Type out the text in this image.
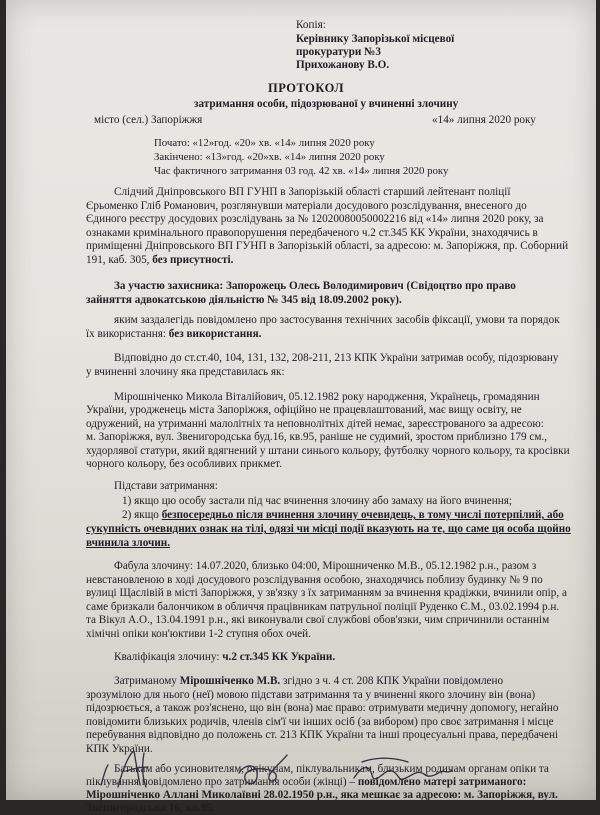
Копія:
Керівнику Запорізької місцевої
прокуратури №3
Прихожанову В.О.
ПРОТОКОЛ
затримання особи, підозрюваної у вчиненні злочину
місто (сел.) Запоріжжя	«14» липня 2020 року
Почато: «12»год. «20» хв. «14» липня 2020 року
Закінчено: «13»год. «20»хв. «14» липня 2020 року
Час фактичного затримання 03 год. 42 хв. «14» липня 2020 року
Слідчий Дніпровського ВП ГУНП в Запорізькій області старший лейтенант поліції
Єрьоменко Гліб Романович, розглянувши матеріали досудового розслідування, внесеного до
Єдиного реєстру досудових розслідувань за № 12020080050002216 від «14» липня 2020 року, за
ознаками кримінального правопорушення передбаченого ч.2 ст.345 КК України, знаходячись в
приміщенні Дніпровського ВП ГУНП в Запорізькій області, за адресою: м. Запоріжжя, пр. Соборний
191, каб. 305, без присутності.
За участю захисника: Запорожець Олесь Володимирович (Свідоцтво про право
зайняття адвокатською діяльністю № 345 від 18.09.2002 року).
яким заздалегідь повідомлено про застосування технічних засобів фіксації, умови та порядок
їх використання: без використання.
Відповідно до ст.ст.40, 104, 131, 132, 208-211, 213 КПК України затримав особу, підозрювану
у вчиненні злочину яка представилась як:
Мірошніченко Микола Віталійович, 05.12.1982 року народження, Українець, громадянин
України, уродженець міста Запоріжжя, офіційно не працевлаштований, має вищу освіту, не
одружений, на утриманні малолітніх та неповнолітніх дітей немає, зареєстрованого за адресою:
м. Запоріжжя, вул. Звенигородська буд.16, кв.95, раніше не судимий, зростом приблизно 179 см.,
худорлявої статури, який вдягнений у штани синього кольору, футболку чорного кольору, та кросівки
чорного кольору, без особливих прикмет.
Підстави затримання:
1) якщо цю особу застали під час вчинення злочину або замаху на його вчинення;
2) якщо безпосередньо після вчинення злочину очевидець, в тому числі потерпілий, або
сукупність очевидних ознак на тілі, одязі чи місці події вказують на те, що саме ця особа щойно
вчинила злочин.
Фабула злочину: 14.07.2020, близько 04:00, Мірошниченко М.В., 05.12.1982 р.н., разом з
невстановленою в ході досудового розслідування особою, знаходячись поблизу будинку № 9 по
вулиці Щаслівій в місті Запоріжжя, у зв'язку з їх затриманням за вчинення крадіжки, вчинили опір, а
саме бризкали балончиком в обличчя працівникам патрульної поліції Руденко Є.М., 03.02.1994 р.н.
та Вікул А.О., 13.04.1991 р.н., які виконували свої службові обов'язки, чим спричинили останнім
хімічні опіки кон'юктиви 1-2 ступня обох очей.
Кваліфікація злочину: ч.2 ст.345 КК України.
Затриманому Мірошніченко М.В. згідно з ч. 4 ст. 208 КПК України повідомлено
зрозумілою для нього (неї) мовою підстави затримання та у вчиненні якого злочину він (вона)
підозрюється, а також роз'яснено, що він (вона) має право: отримувати медичну допомогу, негайно
повідомити близьких родичів, членів сім'ї чи інших осіб (за вибором) про своє затримання і місце
перебування відповідно до положень ст. 213 КПК України та інші процесуальні права, передбачені
КПК України.
Батькам або усиновителям, опікунам, піклувальникам, близьким родичам органам опіки та
піклування повідомлено про затримання особи (жінці) – повідомлено матері затриманого:
Мірошніченко Аллані Миколаївні 28.02.1950 р.н., яка мешкає за адресою: м. Запоріжжя, вул.
Звенигородська 16, кв.95.
